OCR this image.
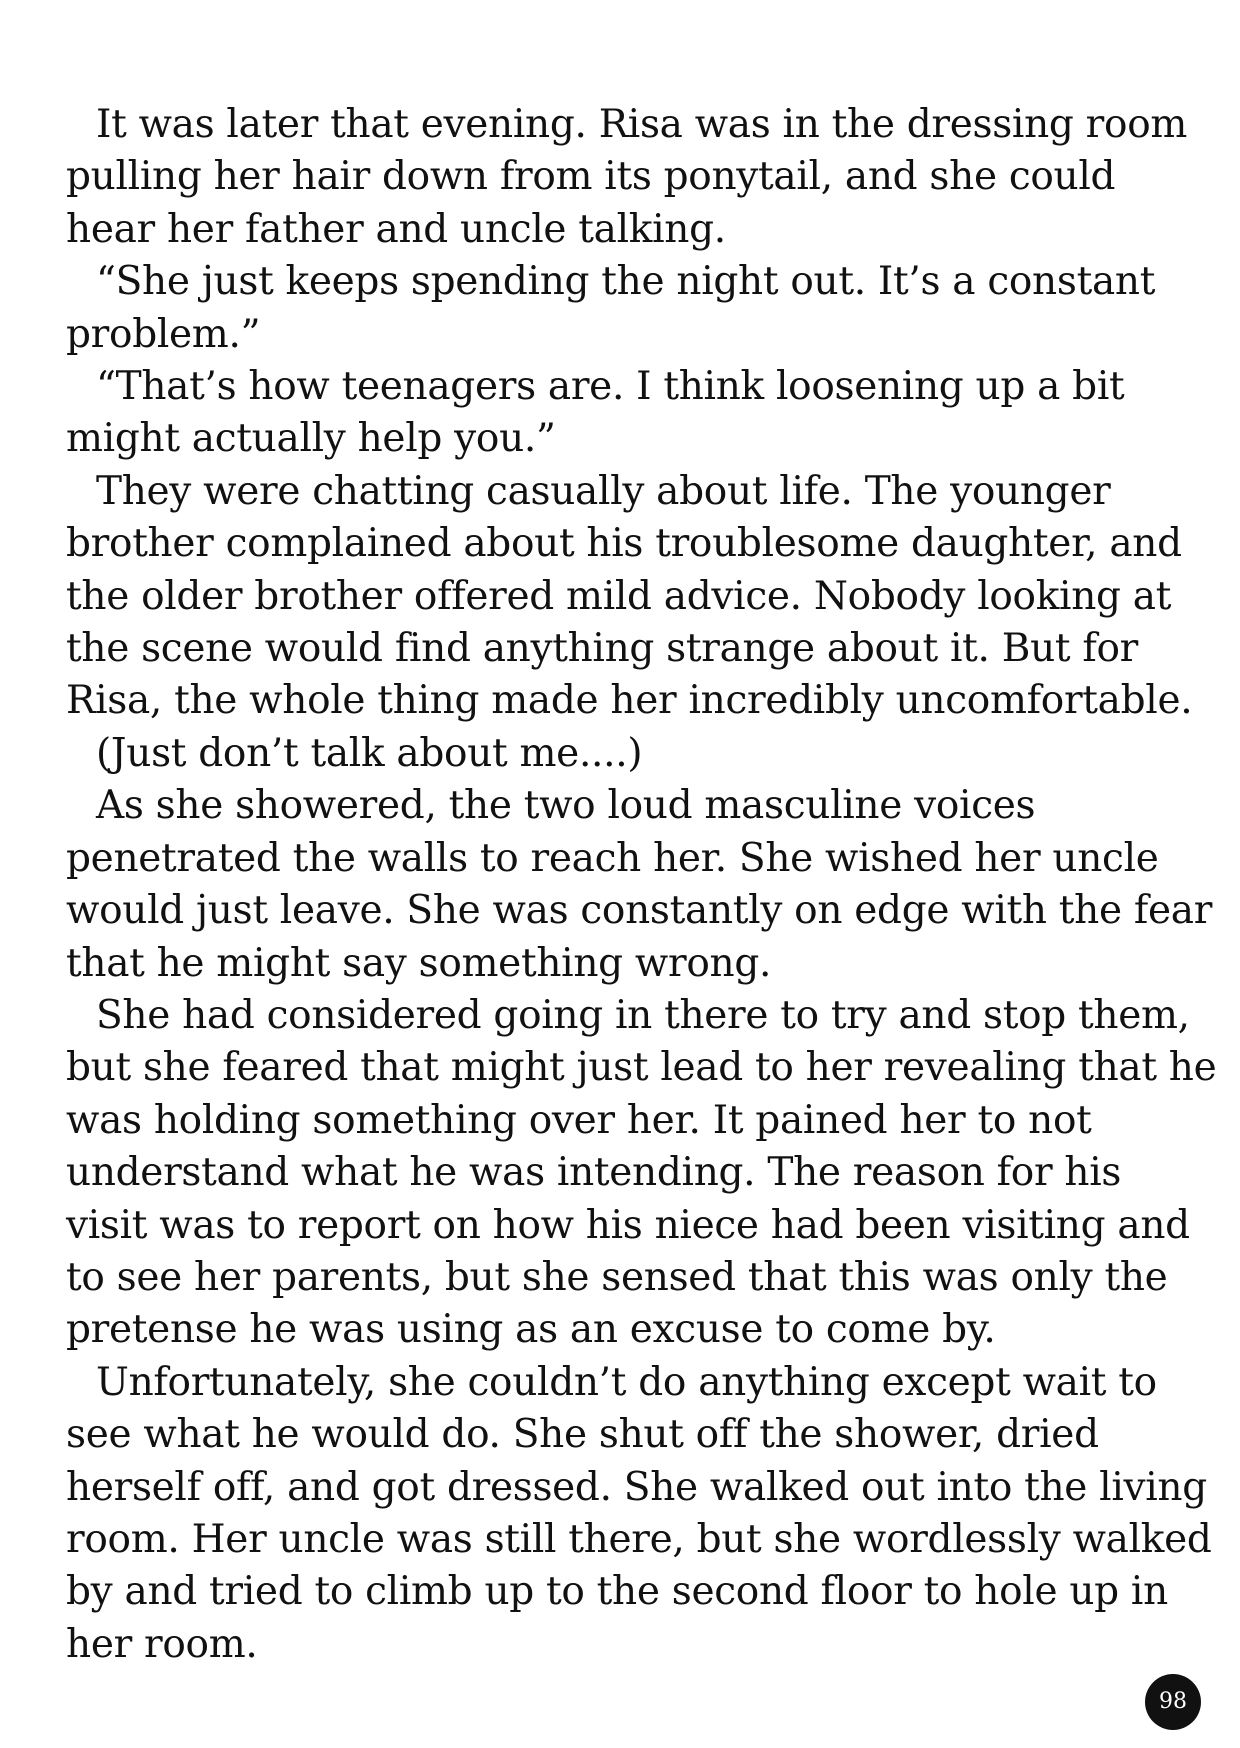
It was later that evening. Risa was in the dressing room
pulling her hair down from its ponytail, and she could
hear her father and uncle talking.
“She just keeps spending the night out. It’s a constant
problem.”
“That’s how teenagers are. I think loosening up a bit
might actually help you.”
They were chatting casually about life. The younger
brother complained about his troublesome daughter, and
the older brother offered mild advice. Nobody looking at
the scene would find anything strange about it. But for
Risa, the whole thing made her incredibly uncomfortable.
(Just don’t talk about me....)
As she showered, the two loud masculine voices
penetrated the walls to reach her. She wished her uncle
would just leave. She was constantly on edge with the fear
that he might say something wrong.
She had considered going in there to try and stop them,
but she feared that might just lead to her revealing that he
was holding something over her. It pained her to not
understand what he was intending. The reason for his
visit was to report on how his niece had been visiting and
to see her parents, but she sensed that this was only the
pretense he was using as an excuse to come by.
Unfortunately, she couldn’t do anything except wait to
see what he would do. She shut off the shower, dried
herself off, and got dressed. She walked out into the living
room. Her uncle was still there, but she wordlessly walked
by and tried to climb up to the second floor to hole up in
her room.
98
